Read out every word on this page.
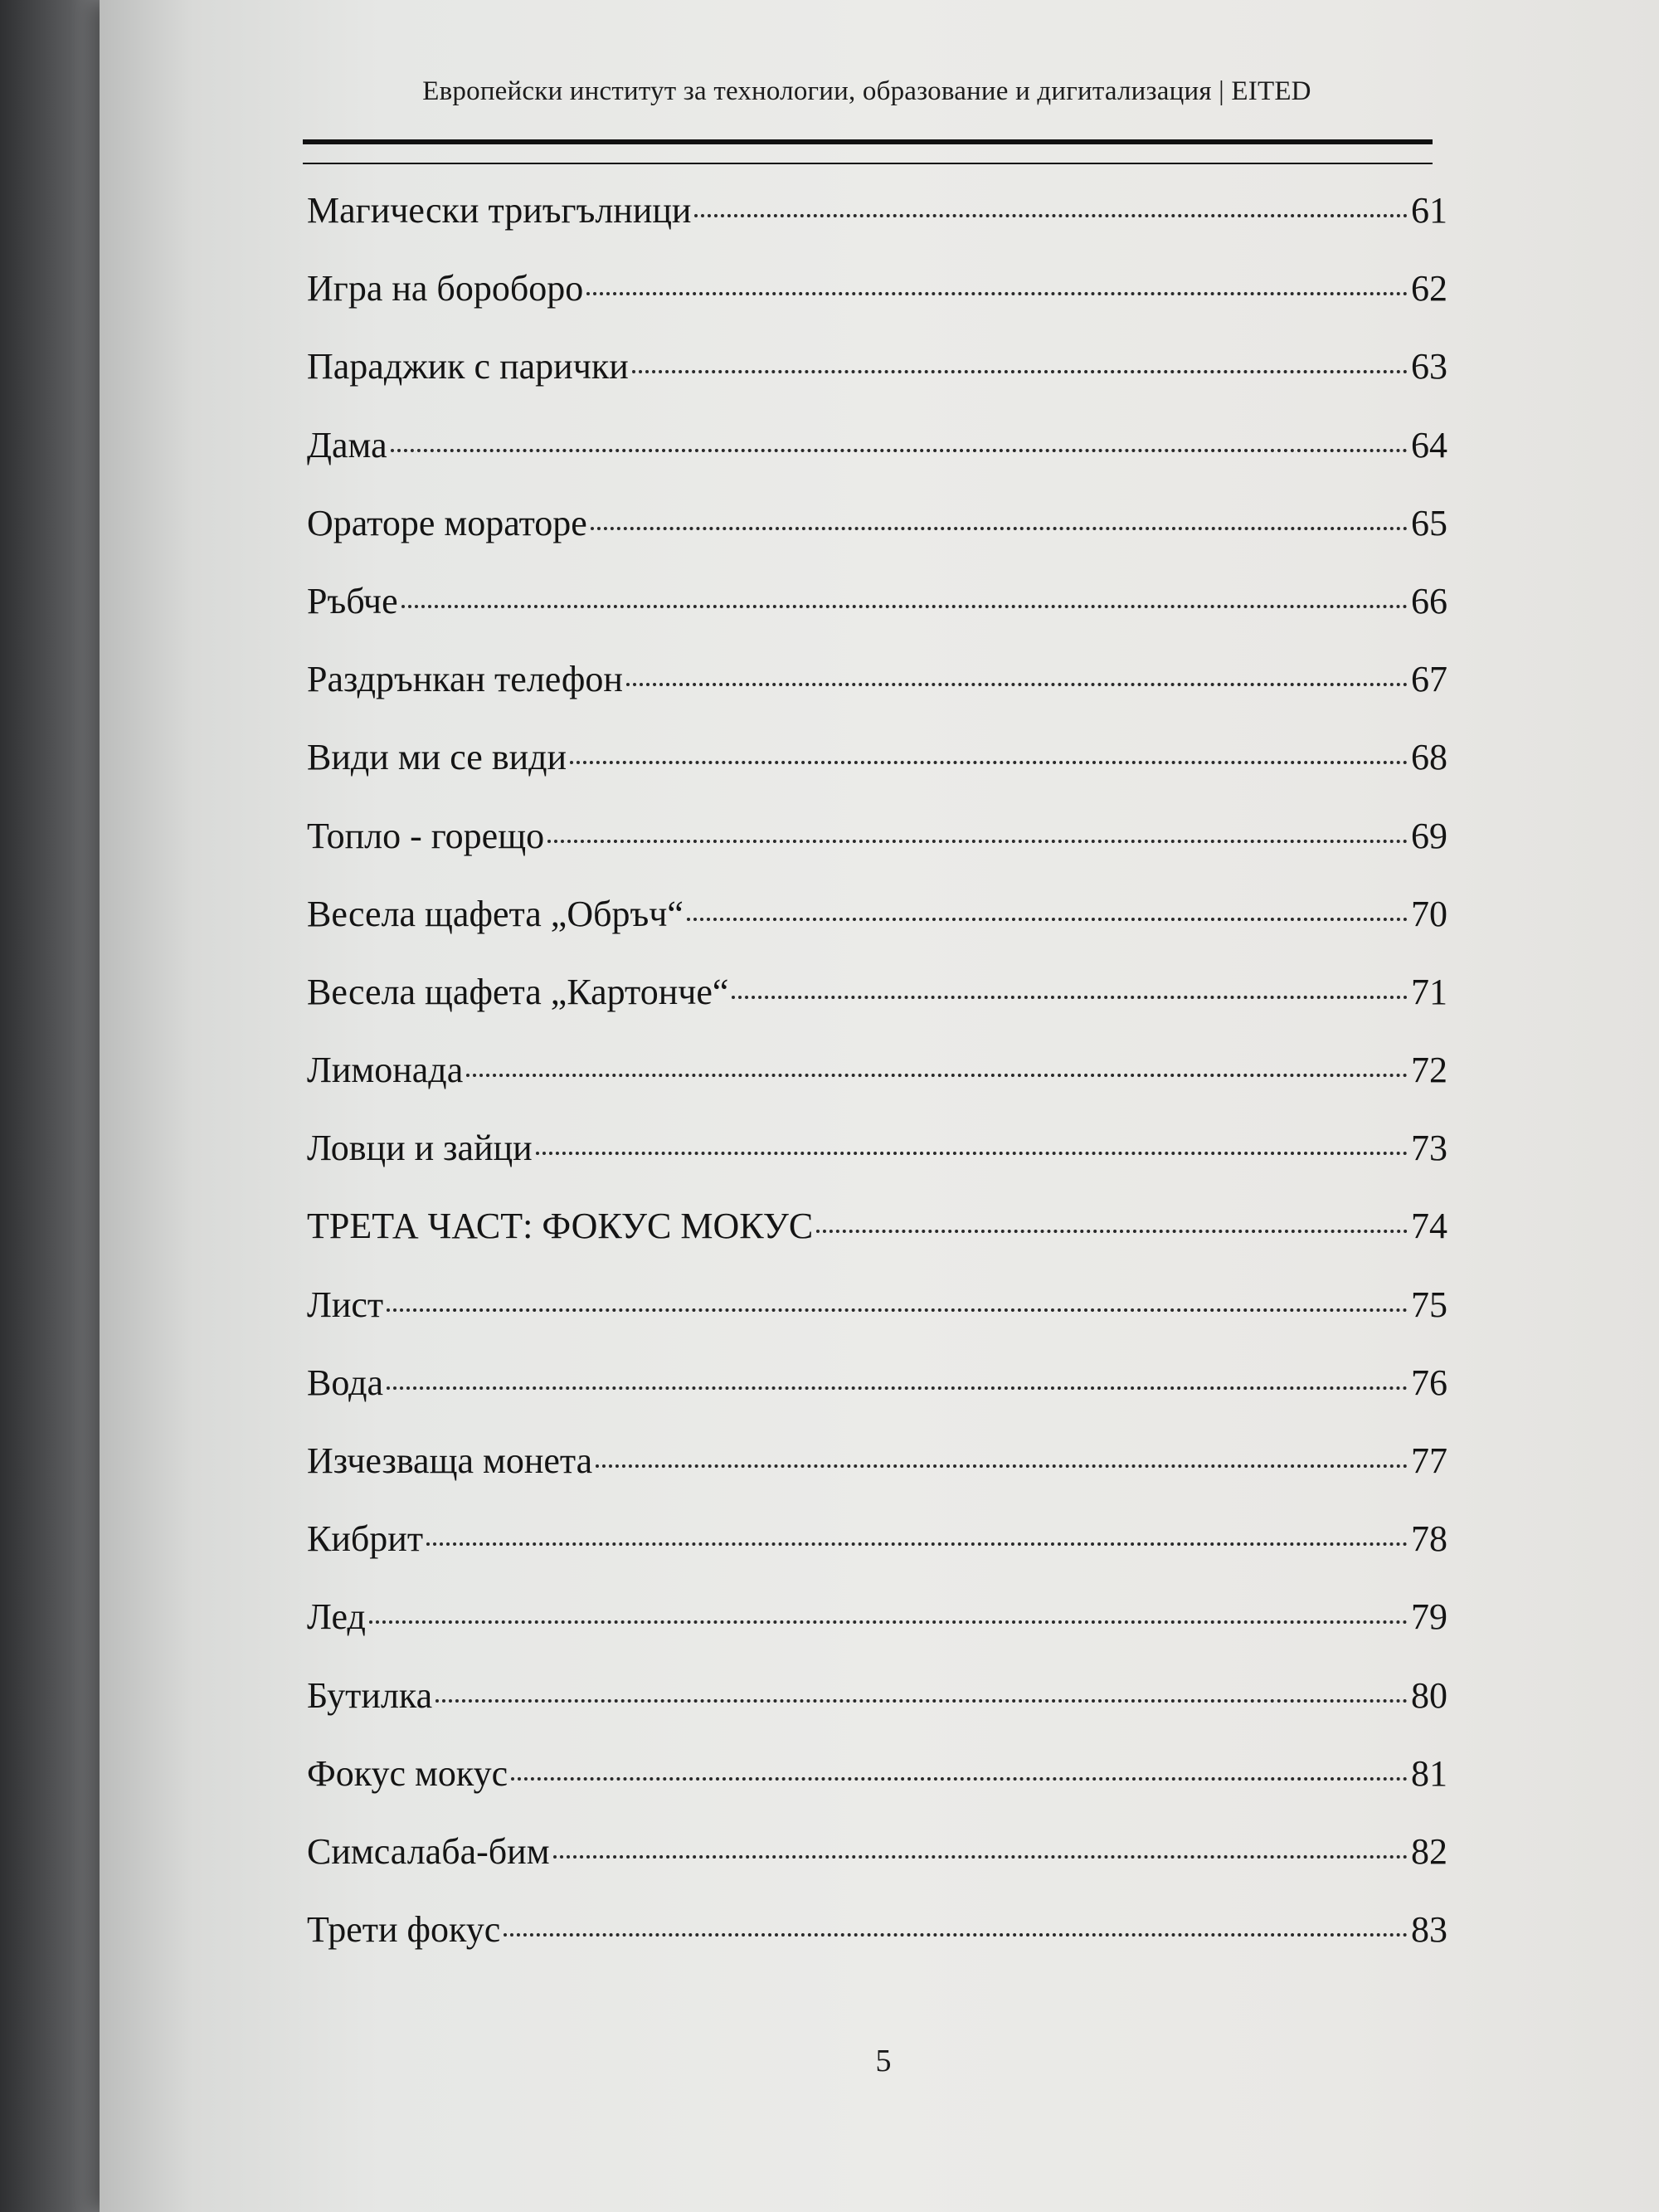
Европейски институт за технологии, образование и дигитализация | EITED
Магически триъгълници	61
Игра на бороборо	62
Параджик с парички	63
Дама	64
Ораторе мораторе	65
Ръбче	66
Раздрънкан телефон	67
Види ми се види	68
Топло - горещо	69
Весела щафета „Обръч“	70
Весела щафета „Картонче“	71
Лимонада	72
Ловци и зайци	73
ТРЕТА ЧАСТ: ФОКУС МОКУС	74
Лист	75
Вода	76
Изчезваща монета	77
Кибрит	78
Лед	79
Бутилка	80
Фокус мокус	81
Симсалаба-бим	82
Трети фокус	83
5
